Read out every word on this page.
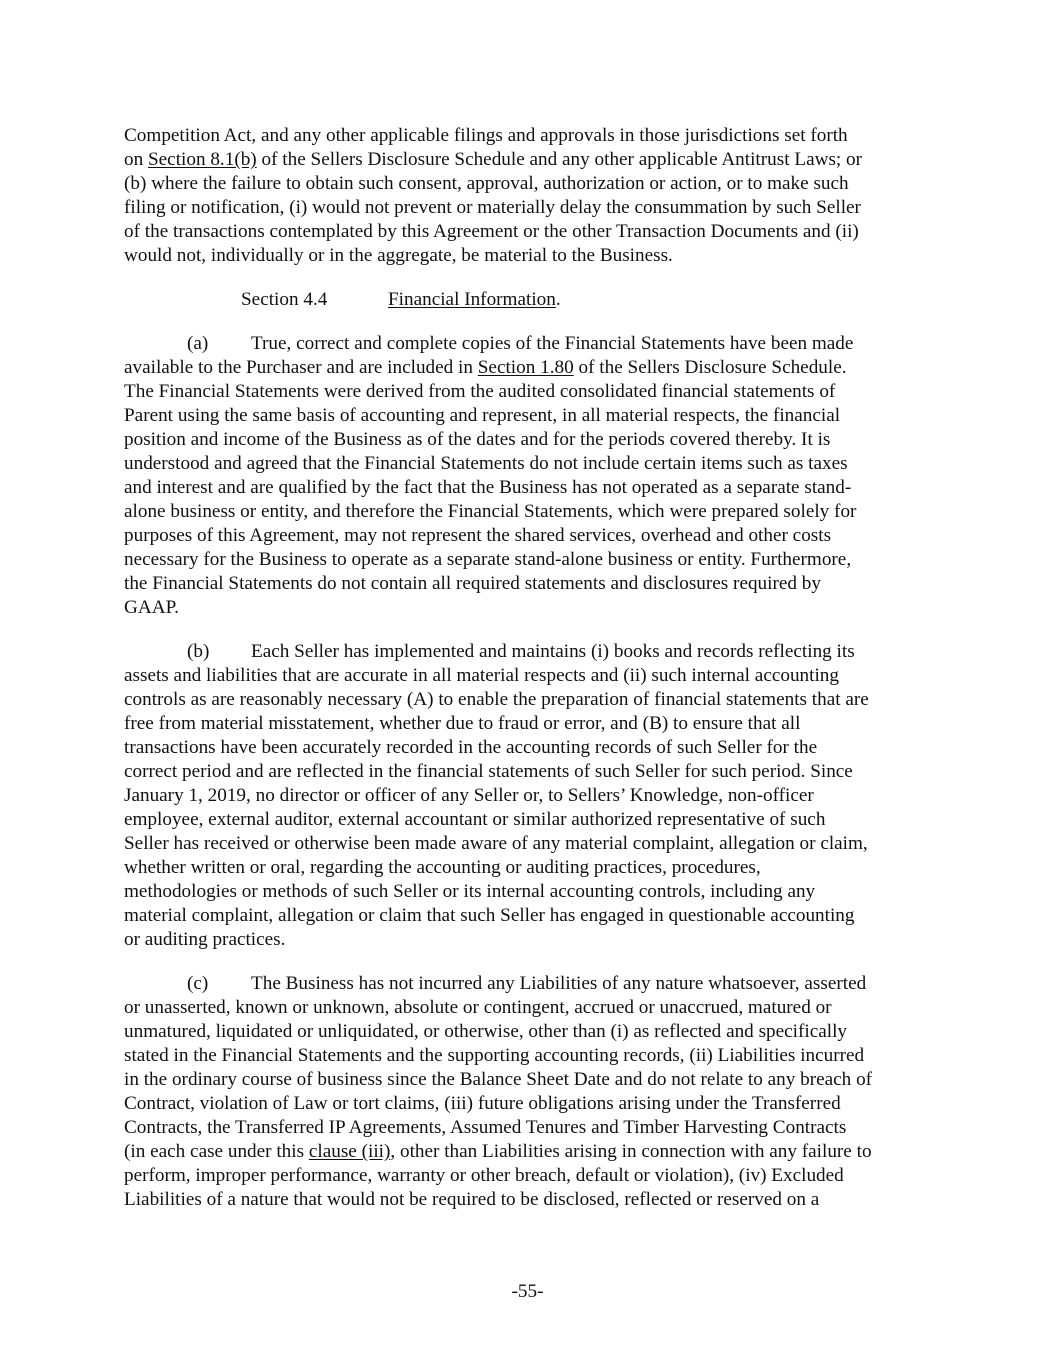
Competition Act, and any other applicable filings and approvals in those jurisdictions set forth
on Section 8.1(b) of the Sellers Disclosure Schedule and any other applicable Antitrust Laws; or
(b) where the failure to obtain such consent, approval, authorization or action, or to make such
filing or notification, (i) would not prevent or materially delay the consummation by such Seller
of the transactions contemplated by this Agreement or the other Transaction Documents and (ii)
would not, individually or in the aggregate, be material to the Business.
Section 4.4	Financial Information.
(a) True, correct and complete copies of the Financial Statements have been made
available to the Purchaser and are included in Section 1.80 of the Sellers Disclosure Schedule.
The Financial Statements were derived from the audited consolidated financial statements of
Parent using the same basis of accounting and represent, in all material respects, the financial
position and income of the Business as of the dates and for the periods covered thereby. It is
understood and agreed that the Financial Statements do not include certain items such as taxes
and interest and are qualified by the fact that the Business has not operated as a separate stand-
alone business or entity, and therefore the Financial Statements, which were prepared solely for
purposes of this Agreement, may not represent the shared services, overhead and other costs
necessary for the Business to operate as a separate stand-alone business or entity. Furthermore,
the Financial Statements do not contain all required statements and disclosures required by
GAAP.
(b) Each Seller has implemented and maintains (i) books and records reflecting its
assets and liabilities that are accurate in all material respects and (ii) such internal accounting
controls as are reasonably necessary (A) to enable the preparation of financial statements that are
free from material misstatement, whether due to fraud or error, and (B) to ensure that all
transactions have been accurately recorded in the accounting records of such Seller for the
correct period and are reflected in the financial statements of such Seller for such period. Since
January 1, 2019, no director or officer of any Seller or, to Sellers’ Knowledge, non-officer
employee, external auditor, external accountant or similar authorized representative of such
Seller has received or otherwise been made aware of any material complaint, allegation or claim,
whether written or oral, regarding the accounting or auditing practices, procedures,
methodologies or methods of such Seller or its internal accounting controls, including any
material complaint, allegation or claim that such Seller has engaged in questionable accounting
or auditing practices.
(c) The Business has not incurred any Liabilities of any nature whatsoever, asserted
or unasserted, known or unknown, absolute or contingent, accrued or unaccrued, matured or
unmatured, liquidated or unliquidated, or otherwise, other than (i) as reflected and specifically
stated in the Financial Statements and the supporting accounting records, (ii) Liabilities incurred
in the ordinary course of business since the Balance Sheet Date and do not relate to any breach of
Contract, violation of Law or tort claims, (iii) future obligations arising under the Transferred
Contracts, the Transferred IP Agreements, Assumed Tenures and Timber Harvesting Contracts
(in each case under this clause (iii), other than Liabilities arising in connection with any failure to
perform, improper performance, warranty or other breach, default or violation), (iv) Excluded
Liabilities of a nature that would not be required to be disclosed, reflected or reserved on a
-55-
